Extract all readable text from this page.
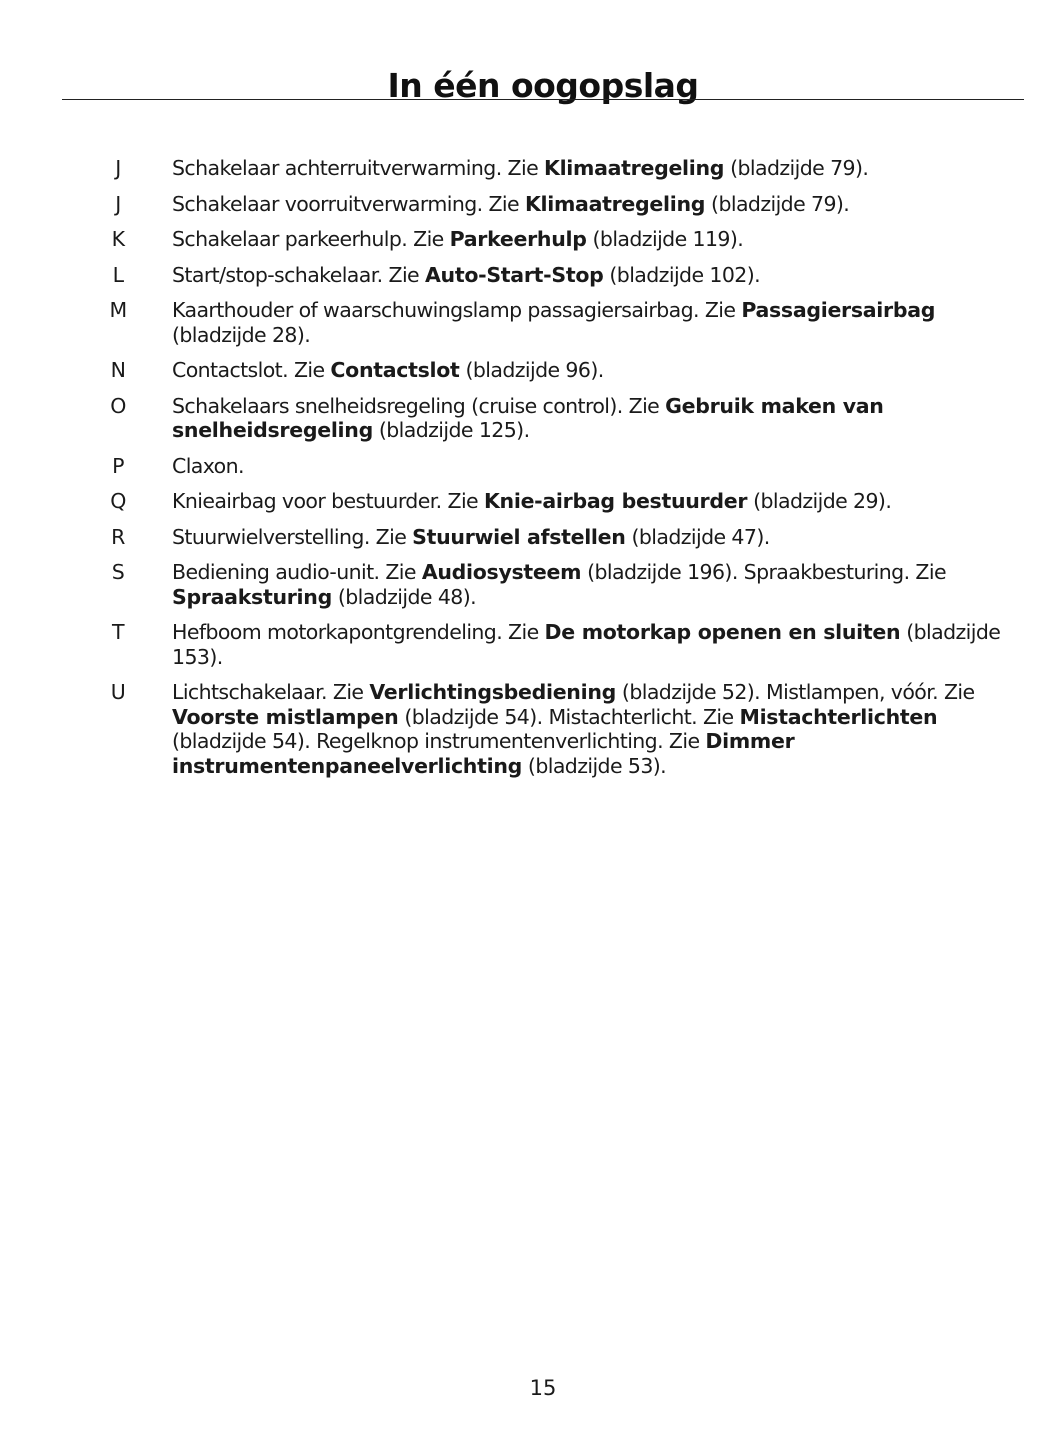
In één oogopslag
J	Schakelaar achterruitverwarming. Zie Klimaatregeling (bladzijde 79).
J	Schakelaar voorruitverwarming. Zie Klimaatregeling (bladzijde 79).
K	Schakelaar parkeerhulp. Zie Parkeerhulp (bladzijde 119).
L	Start/stop-schakelaar. Zie Auto-Start-Stop (bladzijde 102).
M	Kaarthouder of waarschuwingslamp passagiersairbag. Zie Passagiersairbag (bladzijde 28).
N	Contactslot. Zie Contactslot (bladzijde 96).
O	Schakelaars snelheidsregeling (cruise control). Zie Gebruik maken van snelheidsregeling (bladzijde 125).
P	Claxon.
Q	Knieairbag voor bestuurder. Zie Knie-airbag bestuurder (bladzijde 29).
R	Stuurwielverstelling. Zie Stuurwiel afstellen (bladzijde 47).
S	Bediening audio-unit. Zie Audiosysteem (bladzijde 196). Spraakbesturing. Zie Spraaksturing (bladzijde 48).
T	Hefboom motorkapontgrendeling. Zie De motorkap openen en sluiten (bladzijde 153).
U	Lichtschakelaar. Zie Verlichtingsbediening (bladzijde 52). Mistlampen, vóór. Zie Voorste mistlampen (bladzijde 54). Mistachterlicht. Zie Mistachterlichten (bladzijde 54). Regelknop instrumentenverlichting. Zie Dimmer instrumentenpaneelverlichting (bladzijde 53).
15
